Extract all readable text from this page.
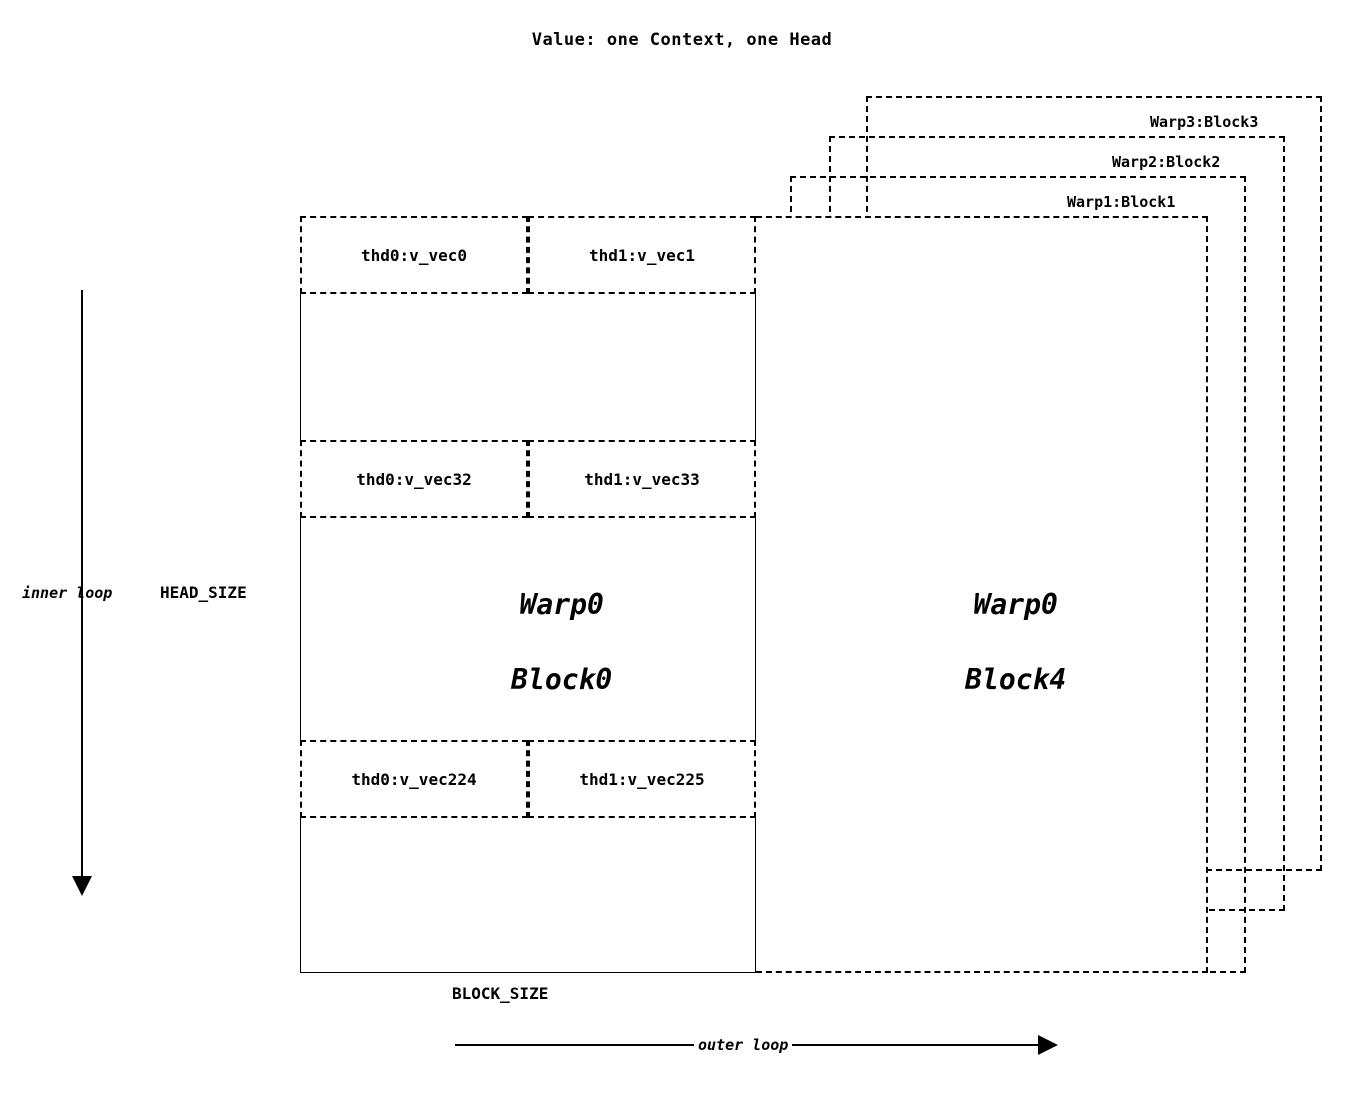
Value: one Context, one Head
Warp3:Block3
Warp2:Block2
Warp1:Block1

Warp0

Block4

thd0:v_vec0	thd1:v_vec1
thd0:v_vec32	thd1:v_vec33
thd0:v_vec224	thd1:v_vec225

Warp0

Block0

inner loop	HEAD_SIZE
BLOCK_SIZE
outer loop
